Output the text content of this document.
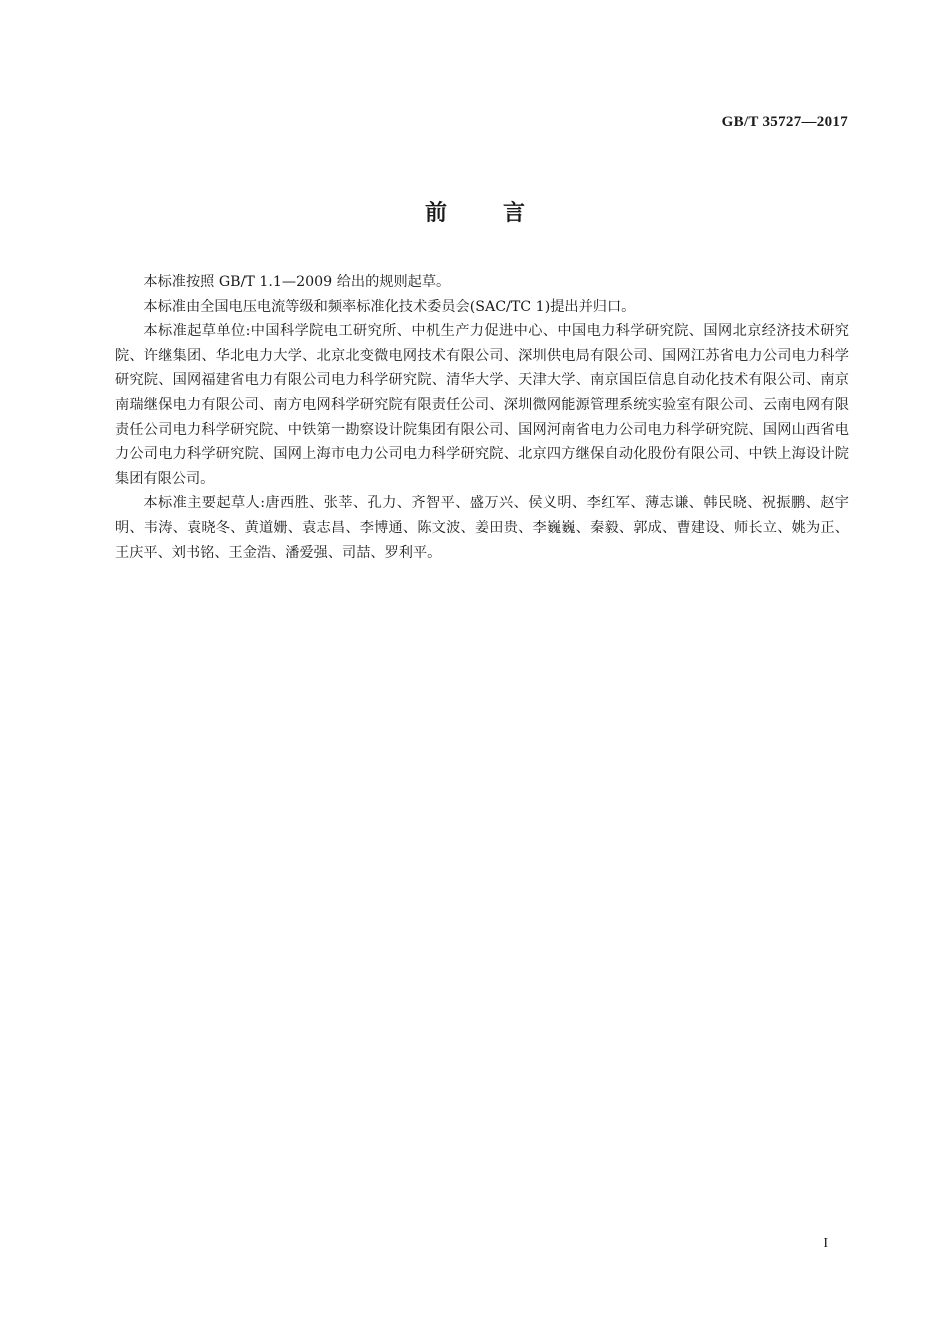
GB/T 35727—2017
前言

本标准按照 GB/T 1.1—2009 给出的规则起草。

本标准由全国电压电流等级和频率标准化技术委员会(SAC/TC 1)提出并归口。

本标准起草单位:中国科学院电工研究所、中机生产力促进中心、中国电力科学研究院、国网北京经济技术研究院、许继集团、华北电力大学、北京北变微电网技术有限公司、深圳供电局有限公司、国网江苏省电力公司电力科学研究院、国网福建省电力有限公司电力科学研究院、清华大学、天津大学、南京国臣信息自动化技术有限公司、南京南瑞继保电力有限公司、南方电网科学研究院有限责任公司、深圳微网能源管理系统实验室有限公司、云南电网有限责任公司电力科学研究院、中铁第一勘察设计院集团有限公司、国网河南省电力公司电力科学研究院、国网山西省电力公司电力科学研究院、国网上海市电力公司电力科学研究院、北京四方继保自动化股份有限公司、中铁上海设计院集团有限公司。

本标准主要起草人:唐西胜、张莘、孔力、齐智平、盛万兴、侯义明、李红军、薄志谦、韩民晓、祝振鹏、赵宇明、韦涛、袁晓冬、黄道姗、袁志昌、李博通、陈文波、姜田贵、李巍巍、秦毅、郭成、曹建设、师长立、姚为正、王庆平、刘书铭、王金浩、潘爱强、司喆、罗利平。

I
